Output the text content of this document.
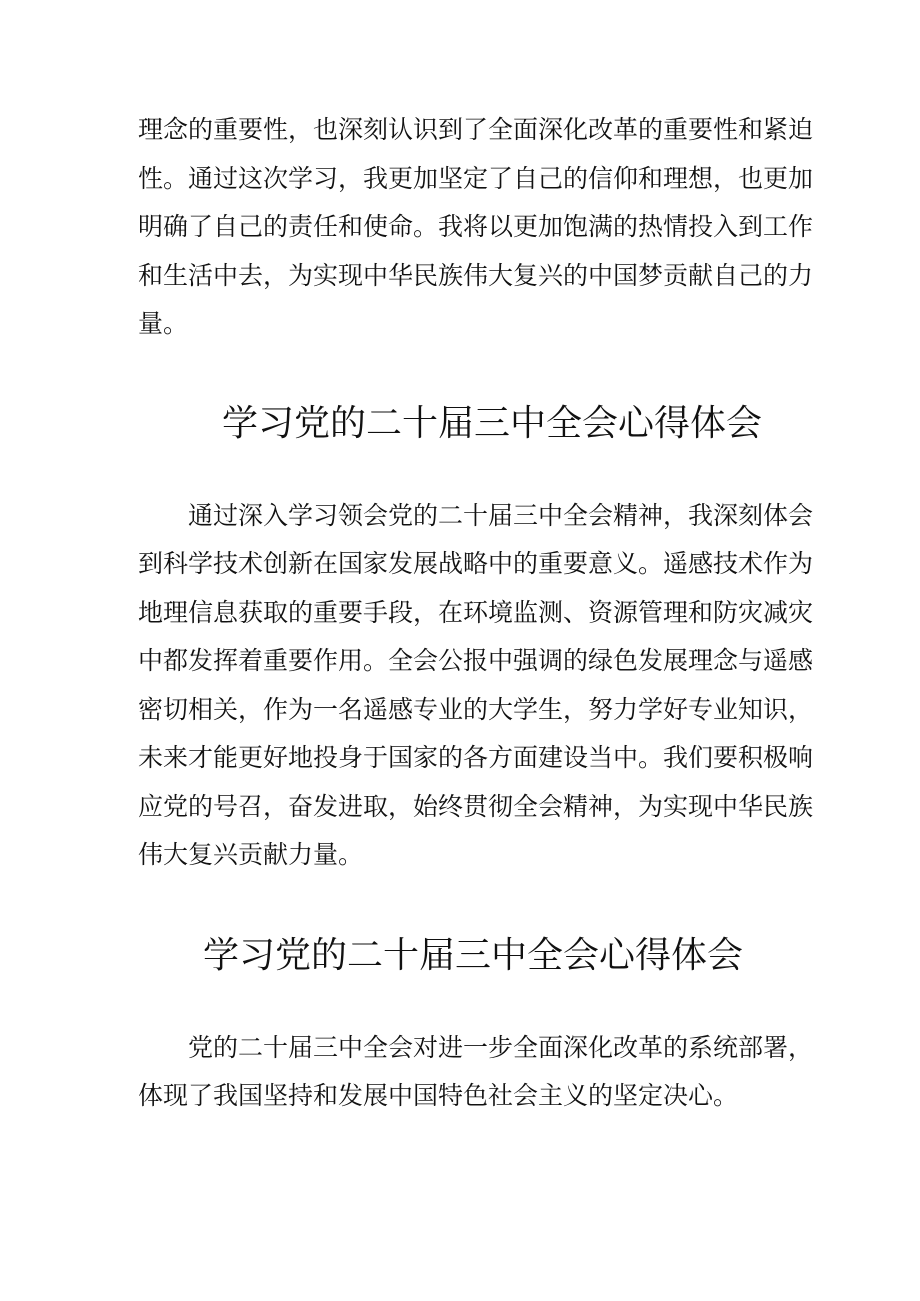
理念的重要性，也深刻认识到了全面深化改革的重要性和紧迫
性。通过这次学习，我更加坚定了自己的信仰和理想，也更加
明确了自己的责任和使命。我将以更加饱满的热情投入到工作
和生活中去，为实现中华民族伟大复兴的中国梦贡献自己的力
量。
学习党的二十届三中全会心得体会
通过深入学习领会党的二十届三中全会精神，我深刻体会
到科学技术创新在国家发展战略中的重要意义。遥感技术作为
地理信息获取的重要手段，在环境监测、资源管理和防灾减灾
中都发挥着重要作用。全会公报中强调的绿色发展理念与遥感
密切相关，作为一名遥感专业的大学生，努力学好专业知识，
未来才能更好地投身于国家的各方面建设当中。我们要积极响
应党的号召，奋发进取，始终贯彻全会精神，为实现中华民族
伟大复兴贡献力量。
学习党的二十届三中全会心得体会
党的二十届三中全会对进一步全面深化改革的系统部署，
体现了我国坚持和发展中国特色社会主义的坚定决心。
